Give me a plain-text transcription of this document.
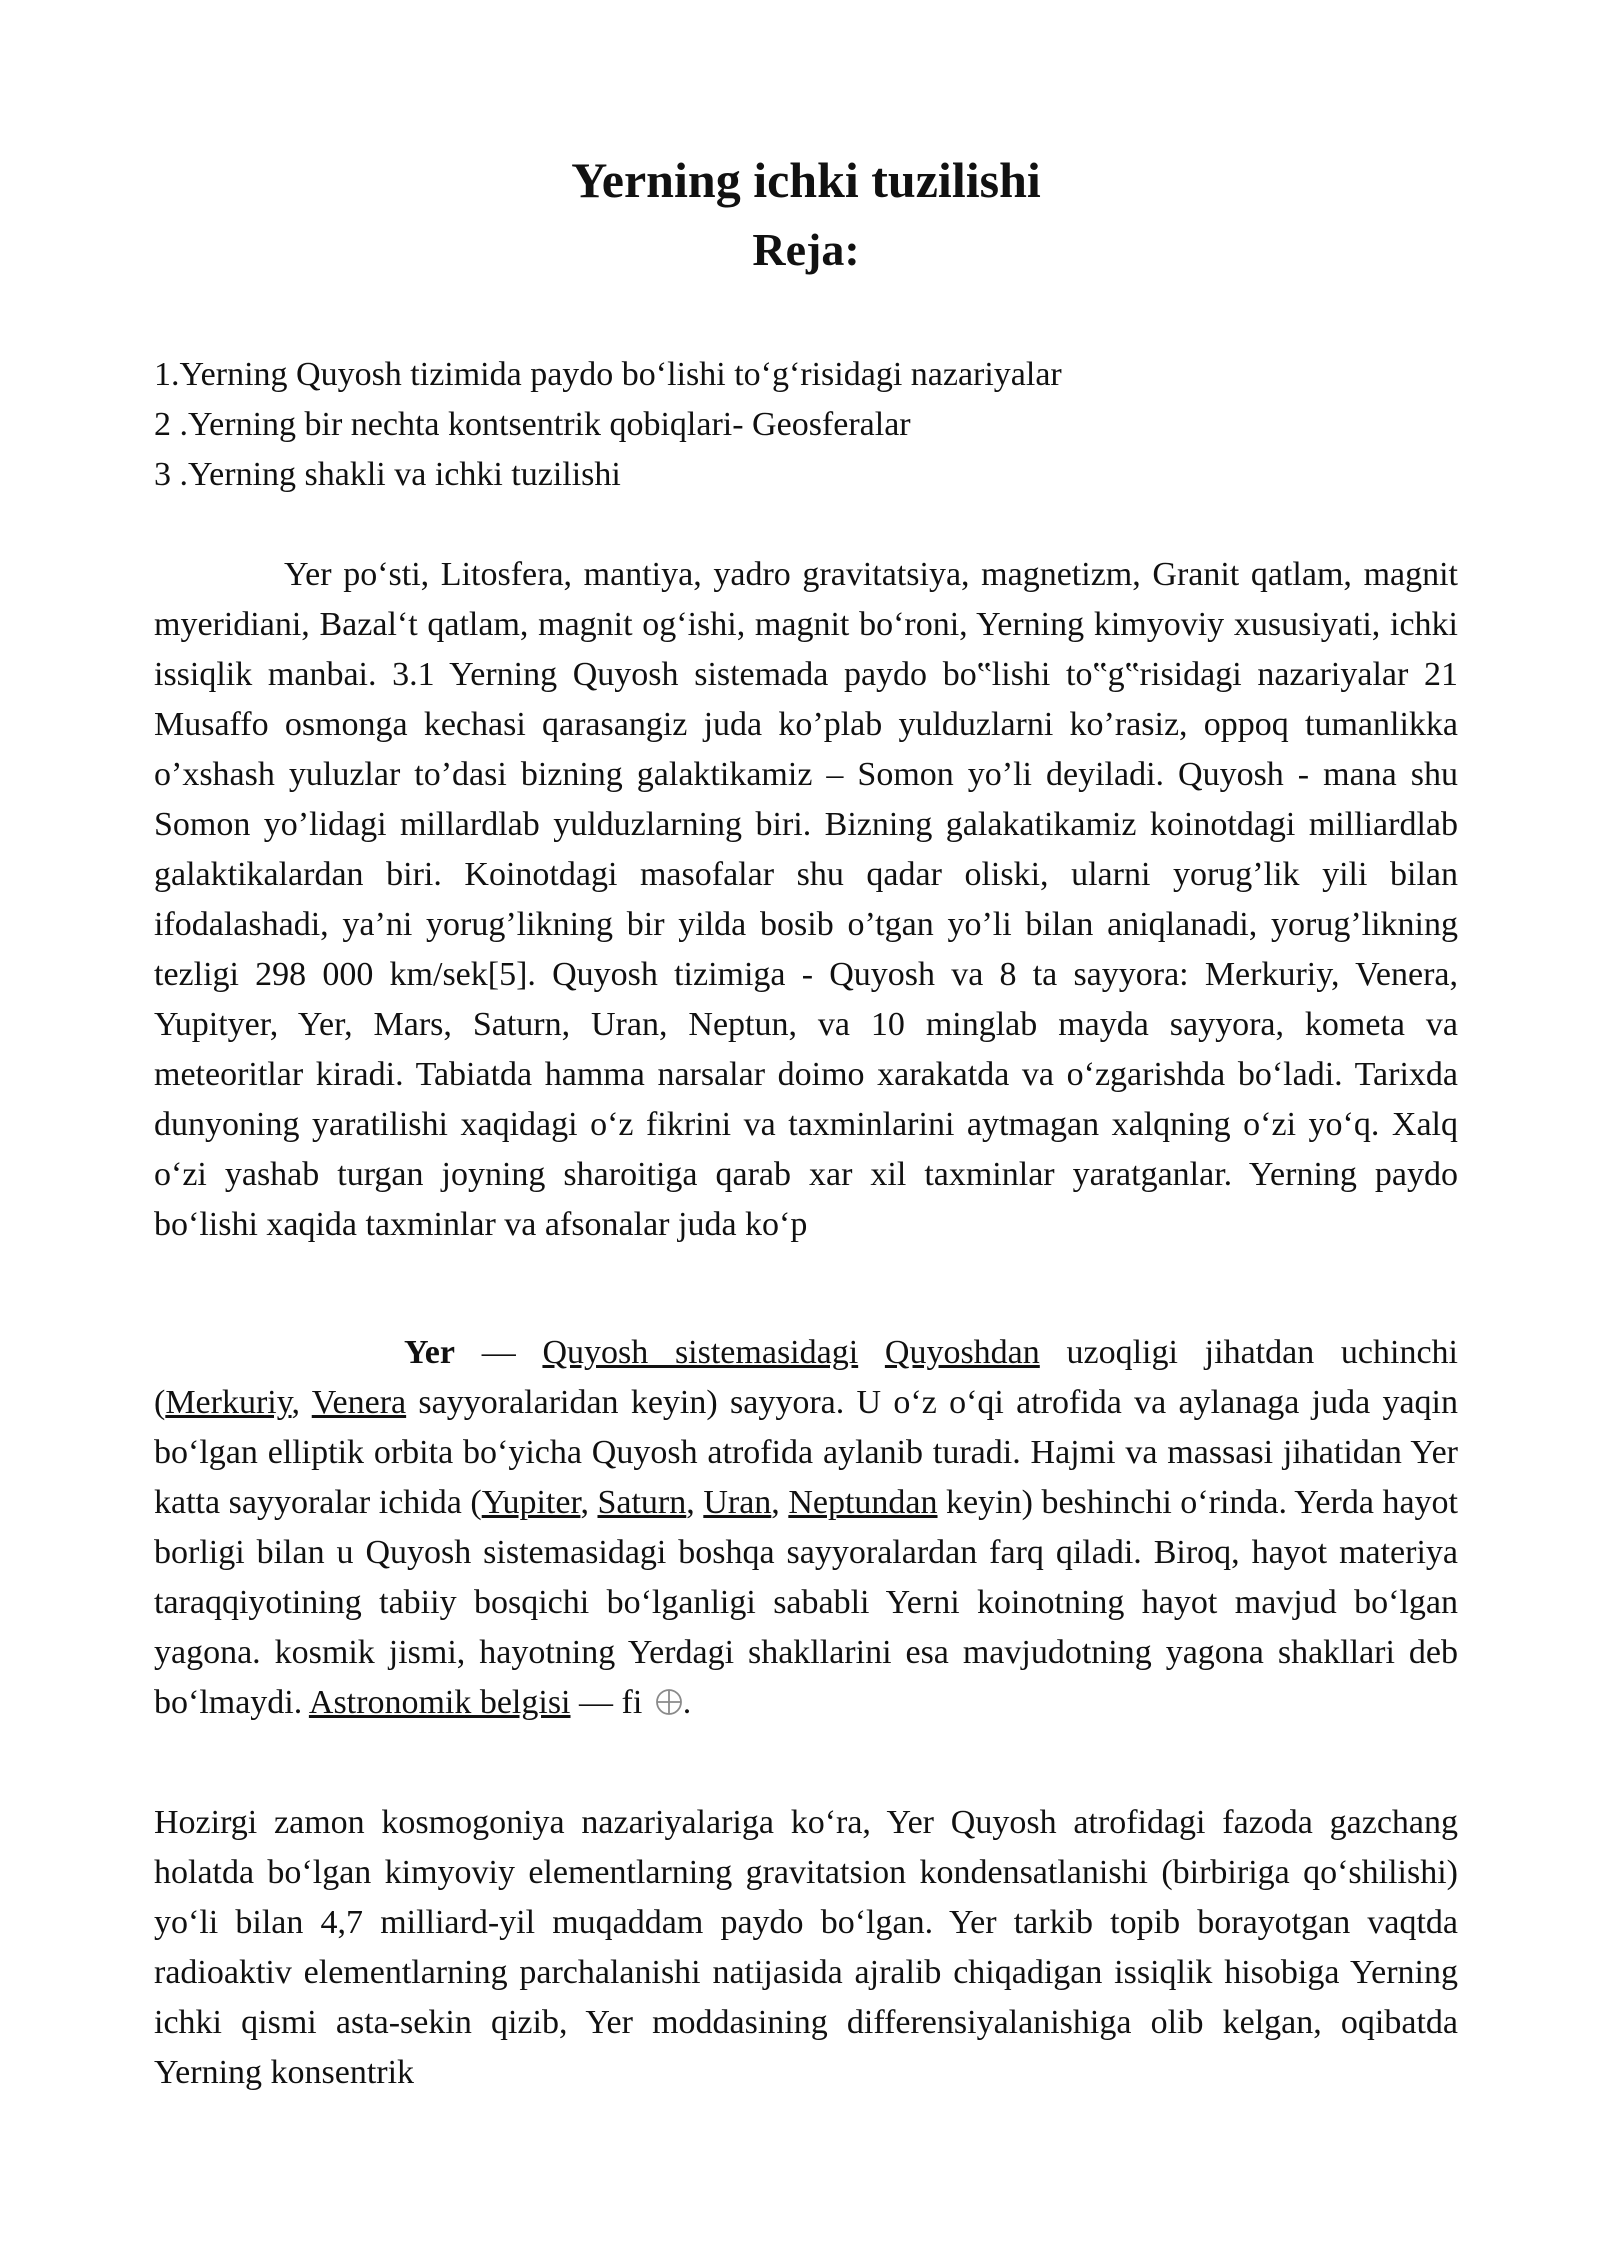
Yerning ichki tuzilishi
Reja:
1.Yerning Quyosh tizimida paydo bo‘lishi to‘g‘risidagi nazariyalar
2 .Yerning bir nechta kontsentrik qobiqlari- Geosferalar
3 .Yerning shakli va ichki tuzilishi

Yer po‘sti, Litosfera, mantiya, yadro gravitatsiya, magnetizm, Granit qatlam, magnit myeridiani, Bazal‘t qatlam, magnit og‘ishi, magnit bo‘roni, Yerning kimyoviy xususiyati, ichki issiqlik manbai. 3.1 Yerning Quyosh sistemada paydo bo‟lishi to‟g‟risidagi nazariyalar 21 Musaffo osmonga kechasi qarasangiz juda ko’plab yulduzlarni ko’rasiz, oppoq tumanlikka o’xshash yuluzlar to’dasi bizning galaktikamiz – Somon yo’li deyiladi. Quyosh - mana shu Somon yo’lidagi millardlab yulduzlarning biri. Bizning galakatikamiz koinotdagi milliardlab galaktikalardan biri. Koinotdagi masofalar shu qadar oliski, ularni yorug’lik yili bilan ifodalashadi, ya’ni yorug’likning bir yilda bosib o’tgan yo’li bilan aniqlanadi, yorug’likning tezligi 298 000 km/sek[5]. Quyosh tizimiga - Quyosh va 8 ta sayyora: Merkuriy, Venera, Yupityer, Yer, Mars, Saturn, Uran, Neptun, va 10 minglab mayda sayyora, kometa va meteoritlar kiradi. Tabiatda hamma narsalar doimo xarakatda va o‘zgarishda bo‘ladi. Tarixda dunyoning yaratilishi xaqidagi o‘z fikrini va taxminlarini aytmagan xalqning o‘zi yo‘q. Xalq o‘zi yashab turgan joyning sharoitiga qarab xar xil taxminlar yaratganlar. Yerning paydo bo‘lishi xaqida taxminlar va afsonalar juda ko‘p

Yer — Quyosh sistemasidagi Quyoshdan uzoqligi jihatdan uchinchi (Merkuriy, Venera sayyoralaridan keyin) sayyora. U o‘z o‘qi atrofida va aylanaga juda yaqin bo‘lgan elliptik orbita bo‘yicha Quyosh atrofida aylanib turadi. Hajmi va massasi jihatidan Yer katta sayyoralar ichida (Yupiter, Saturn, Uran, Neptundan keyin) beshinchi o‘rinda. Yerda hayot borligi bilan u Quyosh sistemasidagi boshqa sayyoralardan farq qiladi. Biroq, hayot materiya taraqqiyotining tabiiy bosqichi bo‘lganligi sababli Yerni koinotning hayot mavjud bo‘lgan yagona. kosmik jismi, hayotning Yerdagi shakllarini esa mavjudotning yagona shakllari deb bo‘lmaydi. Astronomik belgisi — fi
.

Hozirgi zamon kosmogoniya nazariyalariga ko‘ra, Yer Quyosh atrofidagi fazoda gazchang holatda bo‘lgan kimyoviy elementlarning gravitatsion kondensatlanishi (birbiriga qo‘shilishi) yo‘li bilan 4,7 milliard-yil muqaddam paydo bo‘lgan. Yer tarkib topib borayotgan vaqtda radioaktiv elementlarning parchalanishi natijasida ajralib chiqadigan issiqlik hisobiga Yerning ichki qismi asta-sekin qizib, Yer moddasining differensiyalanishiga olib kelgan, oqibatda Yerning konsentrik
